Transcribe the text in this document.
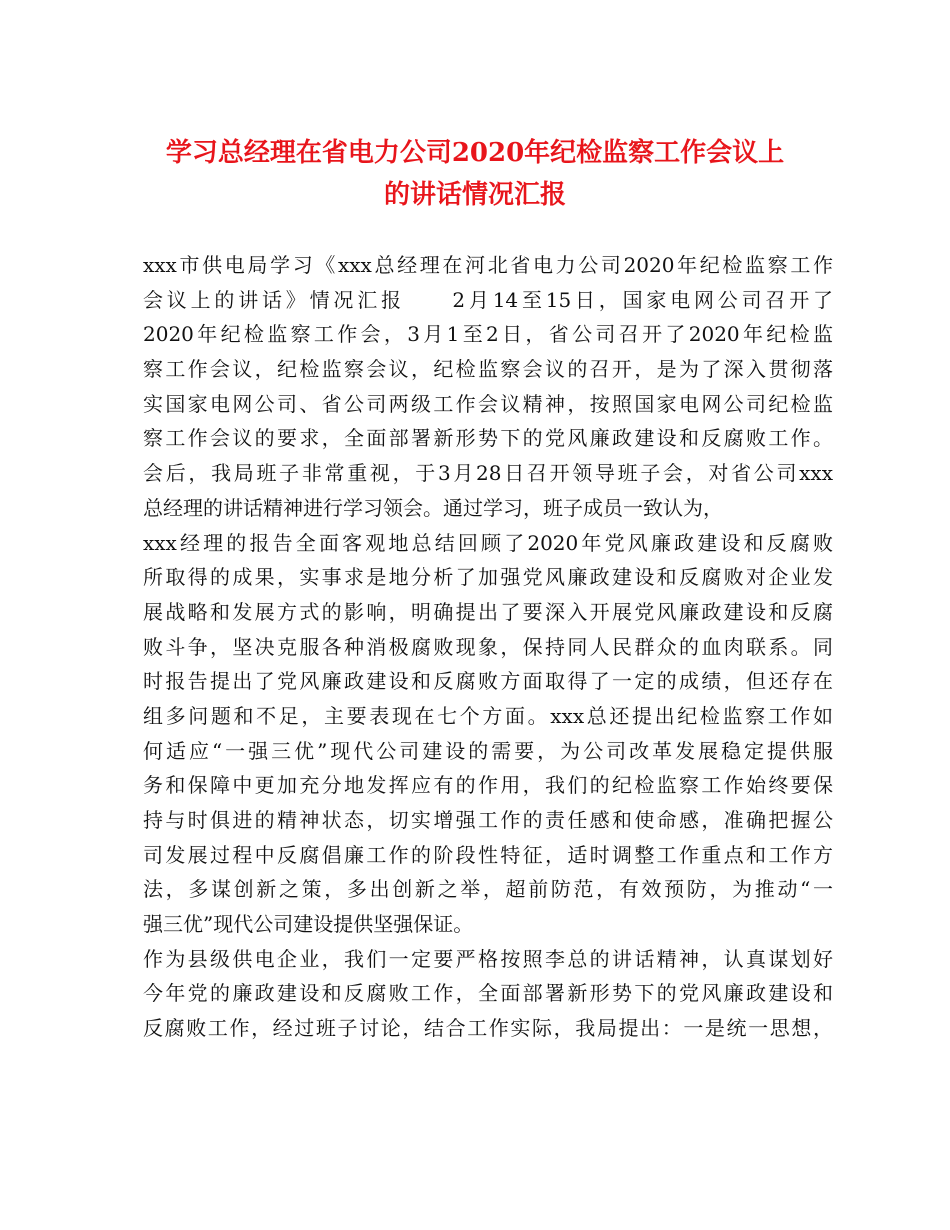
学习总经理在省电力公司2020年纪检监察工作会议上
的讲话情况汇报
xxx市供电局学习《xxx总经理在河北省电力公司2020年纪检监察工作
会议上的讲话》情况汇报　　2月14至15日，国家电网公司召开了
2020年纪检监察工作会，3月1至2日，省公司召开了2020年纪检监
察工作会议，纪检监察会议，纪检监察会议的召开，是为了深入贯彻落
实国家电网公司、省公司两级工作会议精神，按照国家电网公司纪检监
察工作会议的要求，全面部署新形势下的党风廉政建设和反腐败工作。
会后，我局班子非常重视，于3月28日召开领导班子会，对省公司xxx
总经理的讲话精神进行学习领会。通过学习，班子成员一致认为，
xxx经理的报告全面客观地总结回顾了2020年党风廉政建设和反腐败
所取得的成果，实事求是地分析了加强党风廉政建设和反腐败对企业发
展战略和发展方式的影响，明确提出了要深入开展党风廉政建设和反腐
败斗争，坚决克服各种消极腐败现象，保持同人民群众的血肉联系。同
时报告提出了党风廉政建设和反腐败方面取得了一定的成绩，但还存在
组多问题和不足，主要表现在七个方面。xxx总还提出纪检监察工作如
何适应“一强三优”现代公司建设的需要，为公司改革发展稳定提供服
务和保障中更加充分地发挥应有的作用，我们的纪检监察工作始终要保
持与时俱进的精神状态，切实增强工作的责任感和使命感，准确把握公
司发展过程中反腐倡廉工作的阶段性特征，适时调整工作重点和工作方
法，多谋创新之策，多出创新之举，超前防范，有效预防，为推动“一
强三优”现代公司建设提供坚强保证。
作为县级供电企业，我们一定要严格按照李总的讲话精神，认真谋划好
今年党的廉政建设和反腐败工作，全面部署新形势下的党风廉政建设和
反腐败工作，经过班子讨论，结合工作实际，我局提出：一是统一思想，
